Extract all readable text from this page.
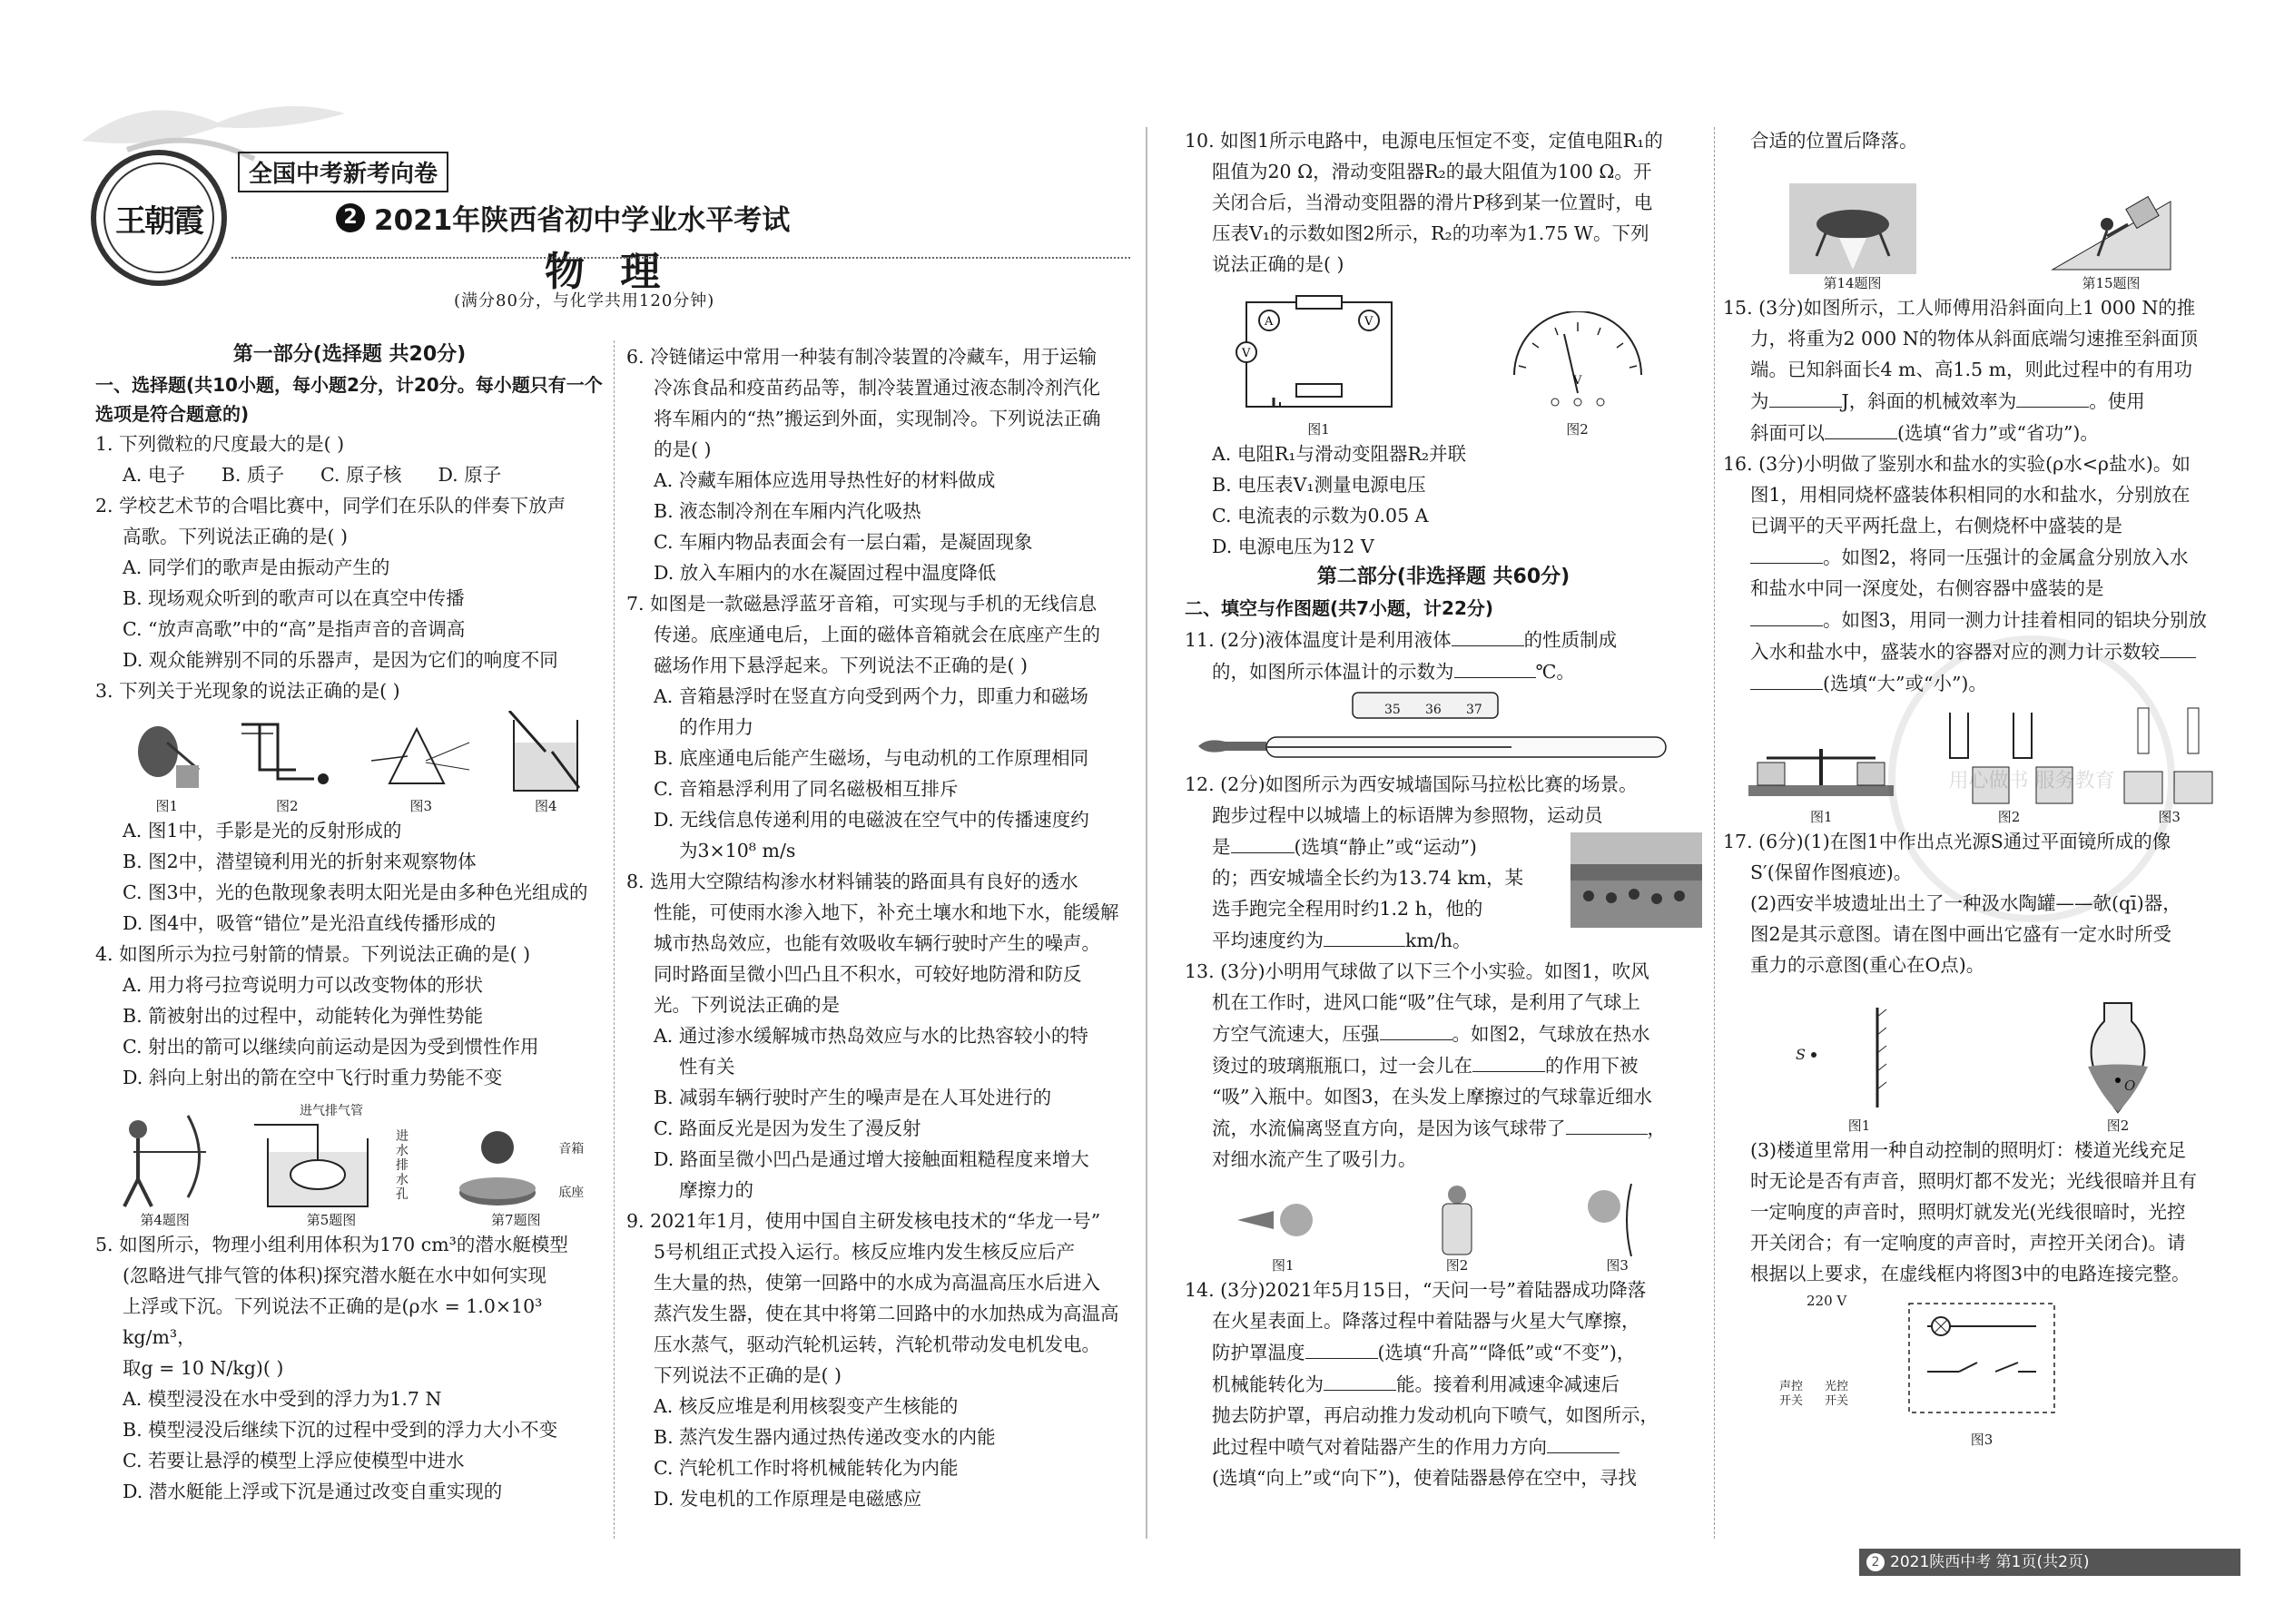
王朝霞
全国中考新考向卷
2 2021年陕西省初中学业水平考试
物 理
(满分80分，与化学共用120分钟)

第一部分(选择题 共20分)

一、选择题(共10小题，每小题2分，计20分。每小题只有一个选项是符合题意的)

1. 下列微粒的尺度最大的是( )

A. 电子 B. 质子 C. 原子核 D. 原子

2. 学校艺术节的合唱比赛中，同学们在乐队的伴奏下放声

高歌。下列说法正确的是( )

A. 同学们的歌声是由振动产生的

B. 现场观众听到的歌声可以在真空中传播

C. “放声高歌”中的“高”是指声音的音调高

D. 观众能辨别不同的乐器声，是因为它们的响度不同

3. 下列关于光现象的说法正确的是( )

图1	图2	图3	图4

A. 图1中，手影是光的反射形成的

B. 图2中，潜望镜利用光的折射来观察物体

C. 图3中，光的色散现象表明太阳光是由多种色光组成的

D. 图4中，吸管“错位”是光沿直线传播形成的

4. 如图所示为拉弓射箭的情景。下列说法正确的是( )

A. 用力将弓拉弯说明力可以改变物体的形状

B. 箭被射出的过程中，动能转化为弹性势能

C. 射出的箭可以继续向前运动是因为受到惯性作用

D. 斜向上射出的箭在空中飞行时重力势能不变

第4题图
进气排气管
第5题图
进水排水孔
第7题图
音箱
底座

5. 如图所示，物理小组利用体积为170 cm³的潜水艇模型

(忽略进气排气管的体积)探究潜水艇在水中如何实现

上浮或下沉。下列说法不正确的是(ρ水 = 1.0×10³ kg/m³，

取g = 10 N/kg)( )

A. 模型浸没在水中受到的浮力为1.7 N

B. 模型浸没后继续下沉的过程中受到的浮力大小不变

C. 若要让悬浮的模型上浮应使模型中进水

D. 潜水艇能上浮或下沉是通过改变自重实现的

6. 冷链储运中常用一种装有制冷装置的冷藏车，用于运输

冷冻食品和疫苗药品等，制冷装置通过液态制冷剂汽化

将车厢内的“热”搬运到外面，实现制冷。下列说法正确

的是( )

A. 冷藏车厢体应选用导热性好的材料做成

B. 液态制冷剂在车厢内汽化吸热

C. 车厢内物品表面会有一层白霜，是凝固现象

D. 放入车厢内的水在凝固过程中温度降低

7. 如图是一款磁悬浮蓝牙音箱，可实现与手机的无线信息

传递。底座通电后，上面的磁体音箱就会在底座产生的

磁场作用下悬浮起来。下列说法不正确的是( )

A. 音箱悬浮时在竖直方向受到两个力，即重力和磁场

的作用力

B. 底座通电后能产生磁场，与电动机的工作原理相同

C. 音箱悬浮利用了同名磁极相互排斥

D. 无线信息传递利用的电磁波在空气中的传播速度约

为3×10⁸ m/s

8. 选用大空隙结构渗水材料铺装的路面具有良好的透水

性能，可使雨水渗入地下，补充土壤水和地下水，能缓解

城市热岛效应，也能有效吸收车辆行驶时产生的噪声。

同时路面呈微小凹凸且不积水，可较好地防滑和防反

光。下列说法正确的是

A. 通过渗水缓解城市热岛效应与水的比热容较小的特

性有关

B. 减弱车辆行驶时产生的噪声是在人耳处进行的

C. 路面反光是因为发生了漫反射

D. 路面呈微小凹凸是通过增大接触面粗糙程度来增大

摩擦力的

9. 2021年1月，使用中国自主研发核电技术的“华龙一号”

5号机组正式投入运行。核反应堆内发生核反应后产

生大量的热，使第一回路中的水成为高温高压水后进入

蒸汽发生器，使在其中将第二回路中的水加热成为高温高

压水蒸气，驱动汽轮机运转，汽轮机带动发电机发电。

下列说法不正确的是( )

A. 核反应堆是利用核裂变产生核能的

B. 蒸汽发生器内通过热传递改变水的内能

C. 汽轮机工作时将机械能转化为内能

D. 发电机的工作原理是电磁感应

10. 如图1所示电路中，电源电压恒定不变，定值电阻R₁的

阻值为20 Ω，滑动变阻器R₂的最大阻值为100 Ω。开

关闭合后，当滑动变阻器的滑片P移到某一位置时，电

压表V₁的示数如图2所示，R₂的功率为1.75 W。下列

说法正确的是( )

A	V
V
图1
V
图2

A. 电阻R₁与滑动变阻器R₂并联

B. 电压表V₁测量电源电压

C. 电流表的示数为0.05 A

D. 电源电压为12 V

第二部分(非选择题 共60分)

二、填空与作图题(共7小题，计22分)

11. (2分)液体温度计是利用液体	的性质制成

的，如图所示体温计的示数为	℃。

35 36 37

12. (2分)如图所示为西安城墙国际马拉松比赛的场景。

跑步过程中以城墙上的标语牌为参照物，运动员

是	(选填“静止”或“运动”)

的；西安城墙全长约为13.74 km，某

选手跑完全程用时约1.2 h，他的

平均速度约为	km/h。

13. (3分)小明用气球做了以下三个小实验。如图1，吹风

机在工作时，进风口能“吸”住气球，是利用了气球上

方空气流速大，压强	。如图2，气球放在热水

烫过的玻璃瓶瓶口，过一会儿在	的作用下被

“吸”入瓶中。如图3，在头发上摩擦过的气球靠近细水

流，水流偏离竖直方向，是因为该气球带了	，

对细水流产生了吸引力。

图1	图2	图3

14. (3分)2021年5月15日，“天问一号”着陆器成功降落

在火星表面上。降落过程中着陆器与火星大气摩擦，

防护罩温度	(选填“升高”“降低”或“不变”)，

机械能转化为	能。接着利用减速伞减速后

抛去防护罩，再启动推力发动机向下喷气，如图所示，

此过程中喷气对着陆器产生的作用力方向

(选填“向上”或“向下”)，使着陆器悬停在空中，寻找

合适的位置后降落。

第14题图	第15题图

15. (3分)如图所示，工人师傅用沿斜面向上1 000 N的推

力，将重为2 000 N的物体从斜面底端匀速推至斜面顶

端。已知斜面长4 m、高1.5 m，则此过程中的有用功

为	J，斜面的机械效率为	。使用

斜面可以	(选填“省力”或“省功”)。

16. (3分)小明做了鉴别水和盐水的实验(ρ水<ρ盐水)。如

图1，用相同烧杯盛装体积相同的水和盐水，分别放在

已调平的天平两托盘上，右侧烧杯中盛装的是

。如图2，将同一压强计的金属盒分别放入水

和盐水中同一深度处，右侧容器中盛装的是

。如图3，用同一测力计挂着相同的铝块分别放

入水和盐水中，盛装水的容器对应的测力计示数较

(选填“大”或“小”)。

图1	图2	图3

17. (6分)(1)在图1中作出点光源S通过平面镜所成的像

S′(保留作图痕迹)。

(2)西安半坡遗址出土了一种汲水陶罐——欹(qī)器，

图2是其示意图。请在图中画出它盛有一定水时所受

重力的示意图(重心在O点)。

S
图1
O
图2

(3)楼道里常用一种自动控制的照明灯：楼道光线充足

时无论是否有声音，照明灯都不发光；光线很暗并且有

一定响度的声音时，照明灯就发光(光线很暗时，光控

开关闭合；有一定响度的声音时，声控开关闭合)。请

根据以上要求，在虚线框内将图3中的电路连接完整。

220 V
声控开关
光控开关
图3
用心做书 服务教育
2 2021陕西中考 第1页(共2页)
